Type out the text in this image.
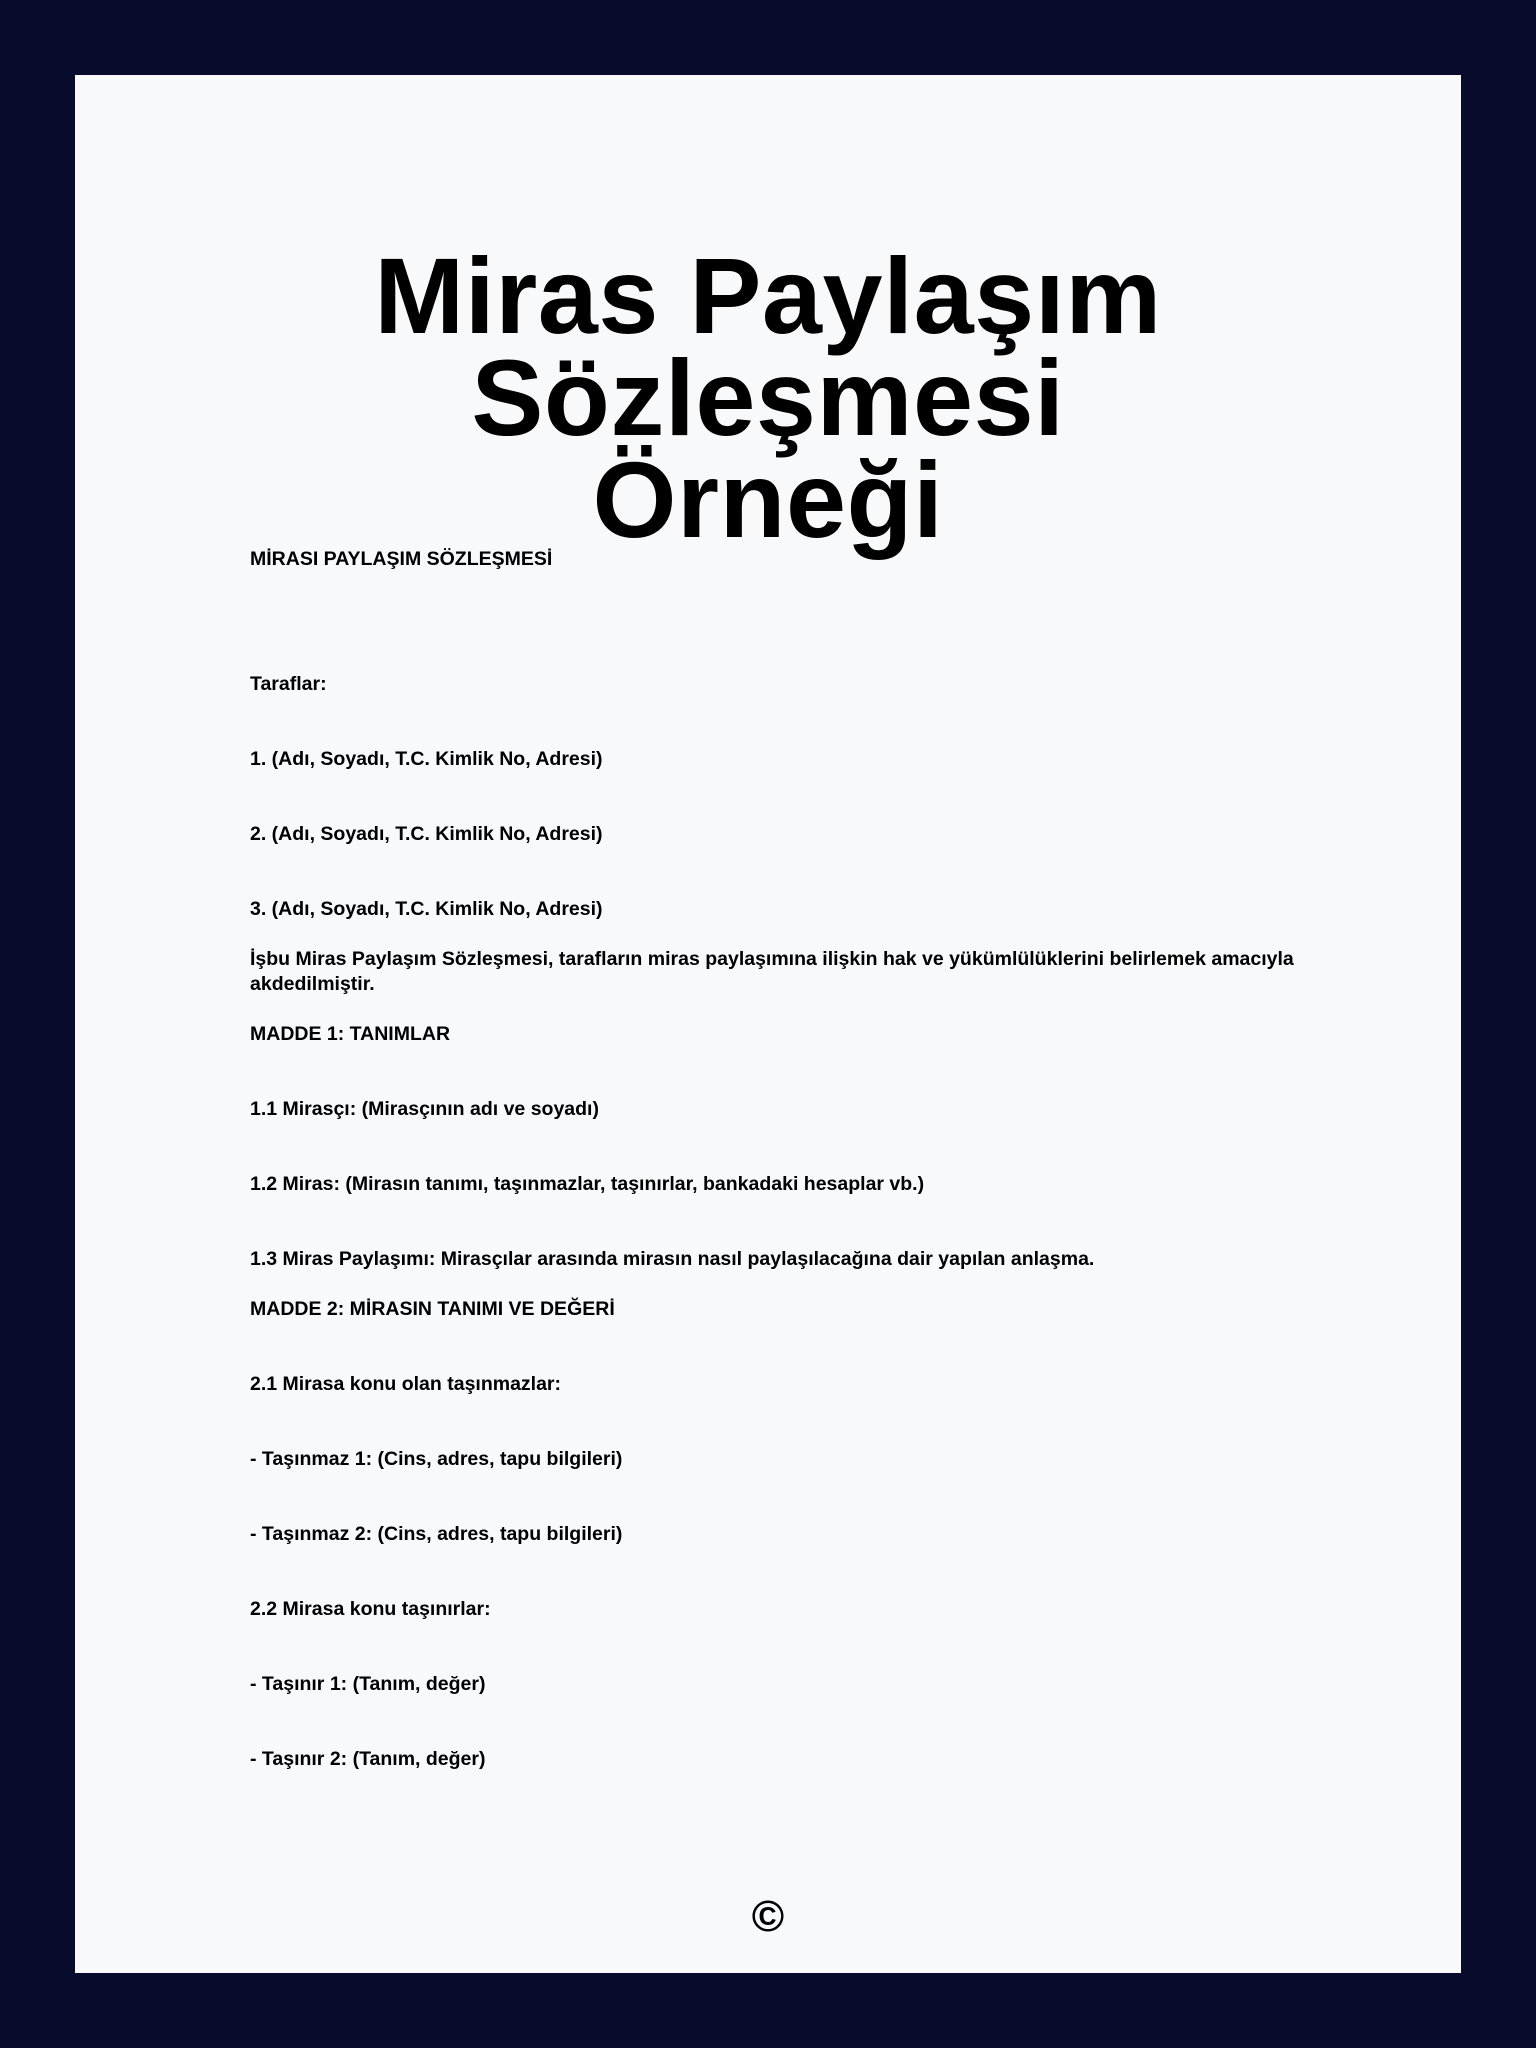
Miras Paylaşım Sözleşmesi
Örneği

MİRASI PAYLAŞIM SÖZLEŞMESİ

Taraflar:

1. (Adı, Soyadı, T.C. Kimlik No, Adresi)

2. (Adı, Soyadı, T.C. Kimlik No, Adresi)

3. (Adı, Soyadı, T.C. Kimlik No, Adresi)

İşbu Miras Paylaşım Sözleşmesi, tarafların miras paylaşımına ilişkin hak ve yükümlülüklerini belirlemek amacıyla akdedilmiştir.

MADDE 1: TANIMLAR

1.1 Mirasçı: (Mirasçının adı ve soyadı)

1.2 Miras: (Mirasın tanımı, taşınmazlar, taşınırlar, bankadaki hesaplar vb.)

1.3 Miras Paylaşımı: Mirasçılar arasında mirasın nasıl paylaşılacağına dair yapılan anlaşma.

MADDE 2: MİRASIN TANIMI VE DEĞERİ

2.1 Mirasa konu olan taşınmazlar:

- Taşınmaz 1: (Cins, adres, tapu bilgileri)

- Taşınmaz 2: (Cins, adres, tapu bilgileri)

2.2 Mirasa konu taşınırlar:

- Taşınır 1: (Tanım, değer)

- Taşınır 2: (Tanım, değer)

©
